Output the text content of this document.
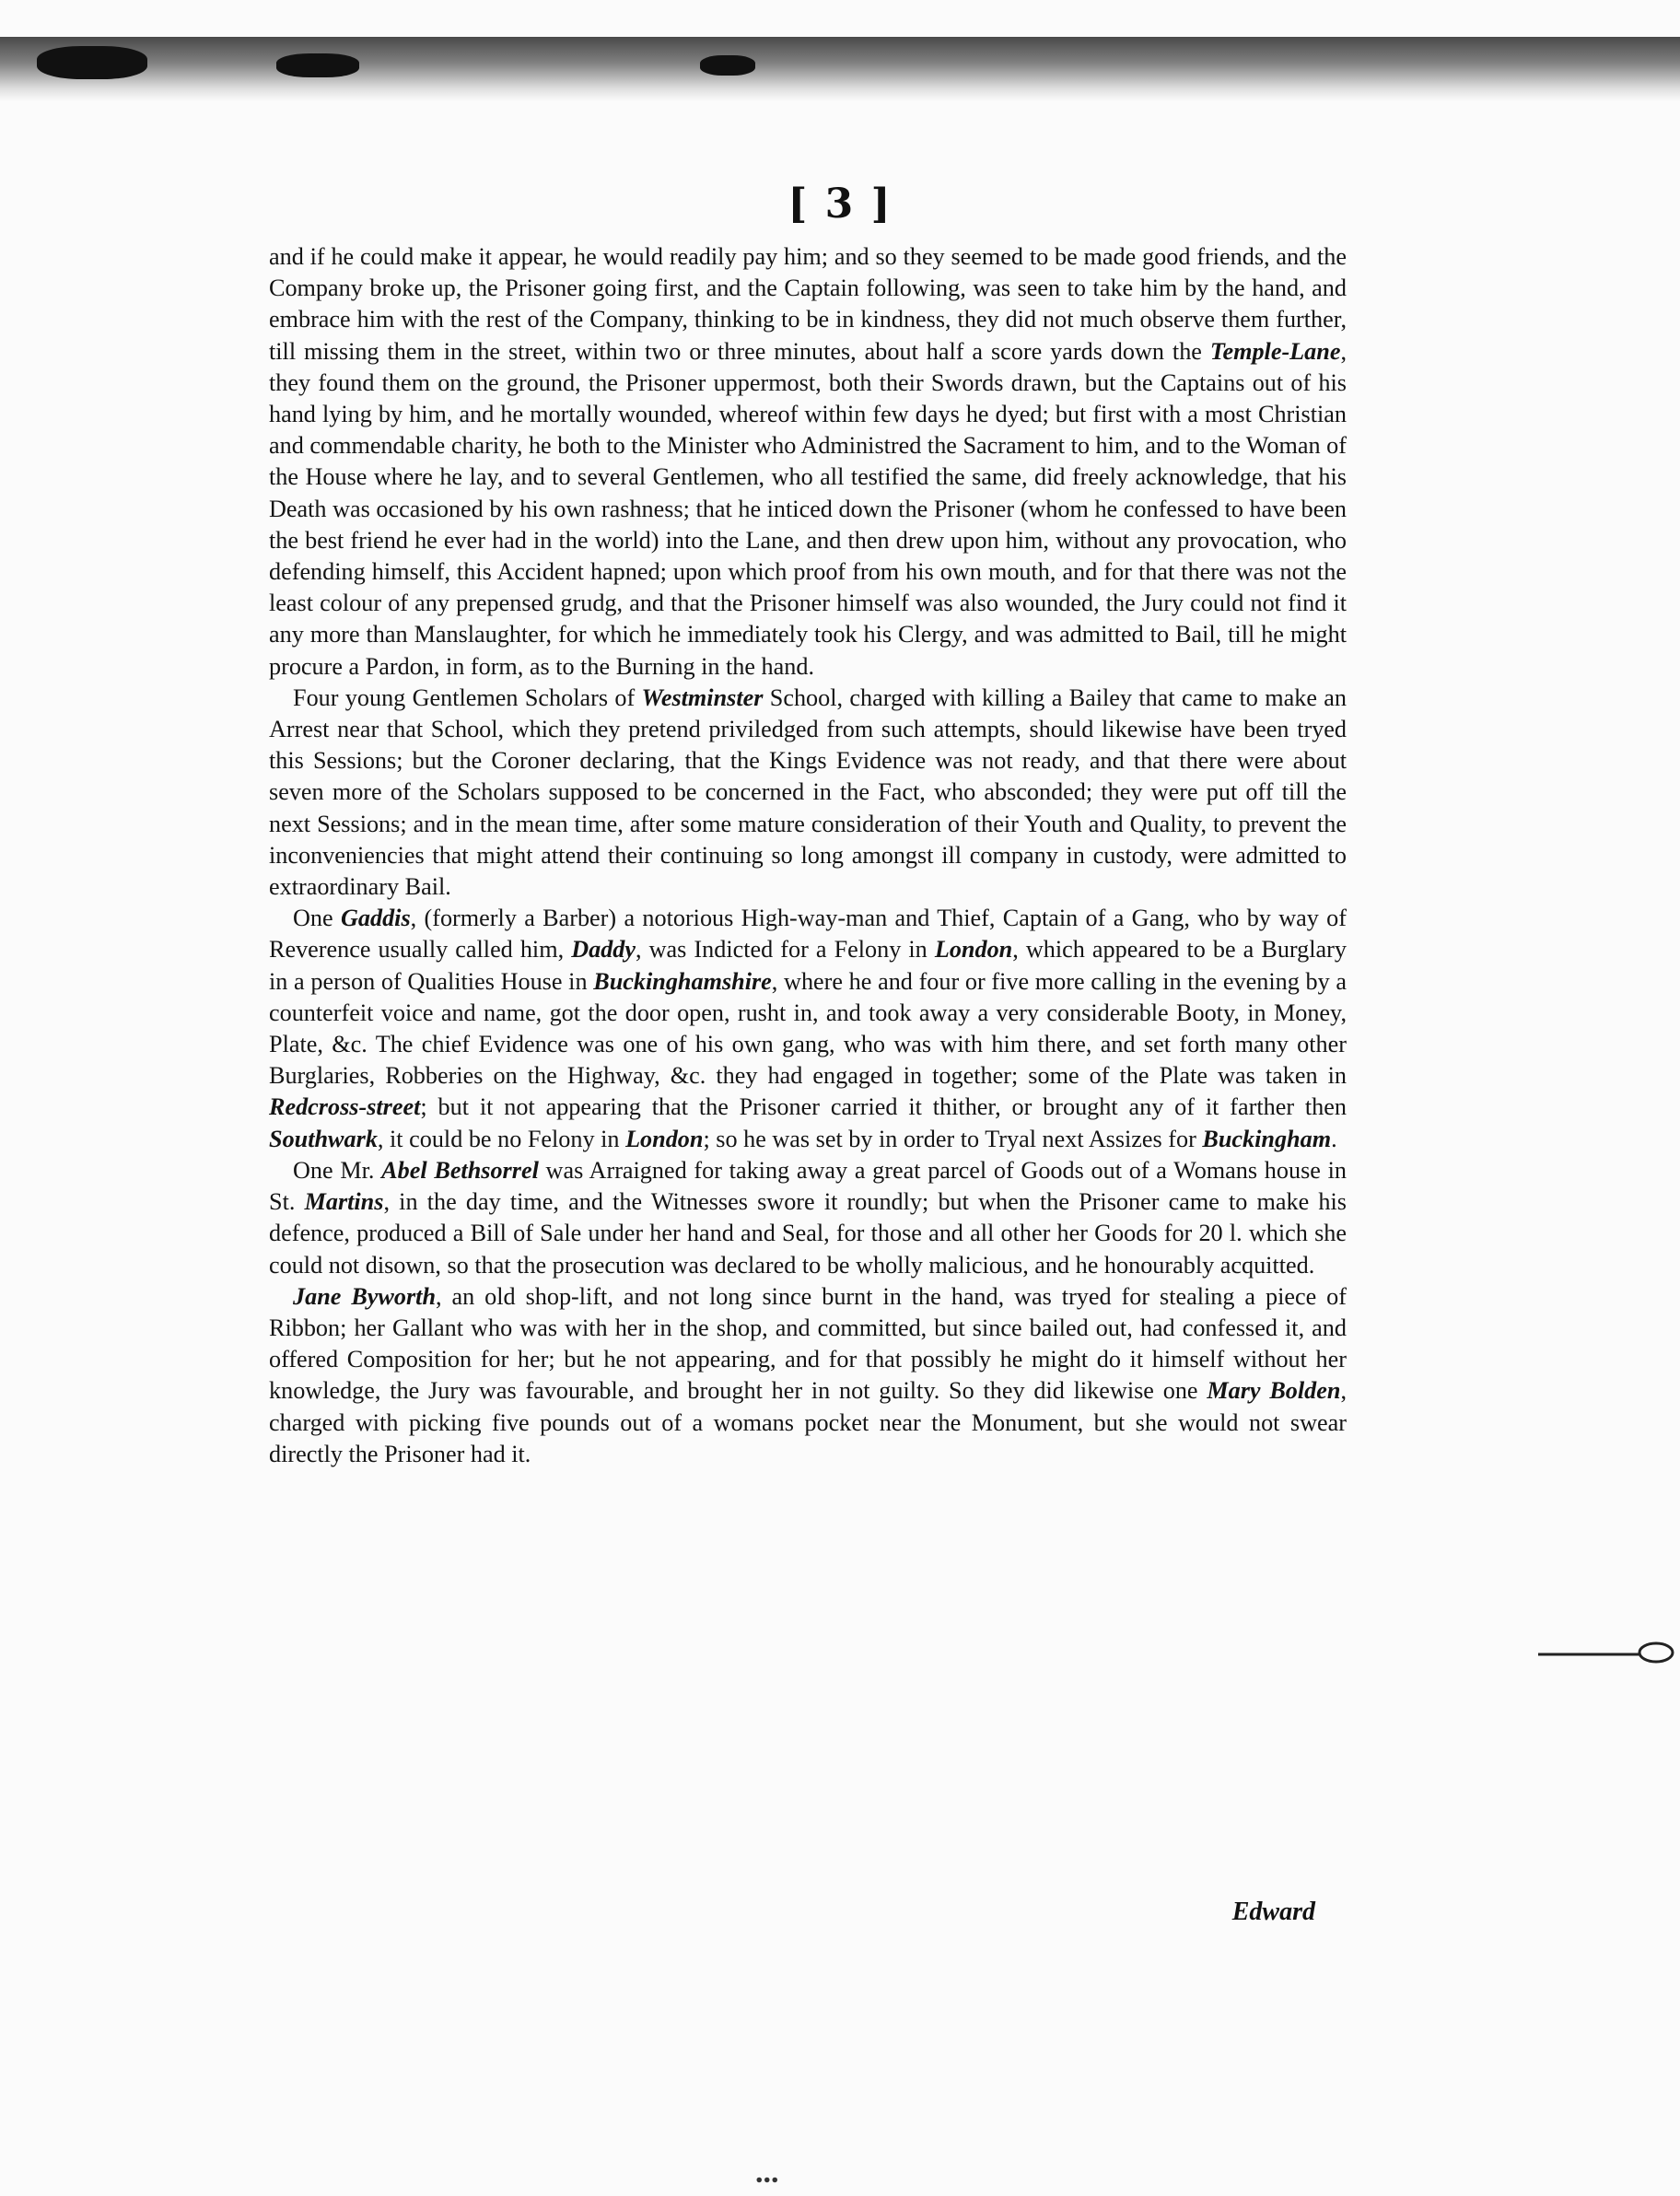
[ 3 ]

and if he could make it appear, he would readily pay him; and so they seemed to be made good friends, and the Company broke up, the Prisoner going first, and the Captain following, was seen to take him by the hand, and embrace him with the rest of the Company, thinking to be in kindness, they did not much observe them further, till missing them in the street, within two or three minutes, about half a score yards down the Temple-Lane, they found them on the ground, the Prisoner uppermost, both their Swords drawn, but the Captains out of his hand lying by him, and he mortally wounded, whereof within few days he dyed; but first with a most Christian and commendable charity, he both to the Minister who Administred the Sacrament to him, and to the Woman of the House where he lay, and to several Gentlemen, who all testified the same, did freely acknowledge, that his Death was occasioned by his own rashness; that he inticed down the Prisoner (whom he confessed to have been the best friend he ever had in the world) into the Lane, and then drew upon him, without any provocation, who defending himself, this Accident hapned; upon which proof from his own mouth, and for that there was not the least colour of any prepensed grudg, and that the Prisoner himself was also wounded, the Jury could not find it any more than Manslaughter, for which he immediately took his Clergy, and was admitted to Bail, till he might procure a Pardon, in form, as to the Burning in the hand.

Four young Gentlemen Scholars of Westminster School, charged with killing a Bailey that came to make an Arrest near that School, which they pretend priviledged from such attempts, should likewise have been tryed this Sessions; but the Coroner declaring, that the Kings Evidence was not ready, and that there were about seven more of the Scholars supposed to be concerned in the Fact, who absconded; they were put off till the next Sessions; and in the mean time, after some mature consideration of their Youth and Quality, to prevent the inconveniencies that might attend their continuing so long amongst ill company in custody, were admitted to extraordinary Bail.

One Gaddis, (formerly a Barber) a notorious High-way-man and Thief, Captain of a Gang, who by way of Reverence usually called him, Daddy, was Indicted for a Felony in London, which appeared to be a Burglary in a person of Qualities House in Buckinghamshire, where he and four or five more calling in the evening by a counterfeit voice and name, got the door open, rusht in, and took away a very considerable Booty, in Money, Plate, &c. The chief Evidence was one of his own gang, who was with him there, and set forth many other Burglaries, Robberies on the Highway, &c. they had engaged in together; some of the Plate was taken in Redcross-street; but it not appearing that the Prisoner carried it thither, or brought any of it farther then Southwark, it could be no Felony in London; so he was set by in order to Tryal next Assizes for Buckingham.

One Mr. Abel Bethsorrel was Arraigned for taking away a great parcel of Goods out of a Womans house in St. Martins, in the day time, and the Witnesses swore it roundly; but when the Prisoner came to make his defence, produced a Bill of Sale under her hand and Seal, for those and all other her Goods for 20 l. which she could not disown, so that the prosecution was declared to be wholly malicious, and he honourably acquitted.

Jane Byworth, an old shop-lift, and not long since burnt in the hand, was tryed for stealing a piece of Ribbon; her Gallant who was with her in the shop, and committed, but since bailed out, had confessed it, and offered Composition for her; but he not appearing, and for that possibly he might do it himself without her knowledge, the Jury was favourable, and brought her in not guilty. So they did likewise one Mary Bolden, charged with picking five pounds out of a womans pocket near the Monument, but she would not swear directly the Prisoner had it.

Edward
...
